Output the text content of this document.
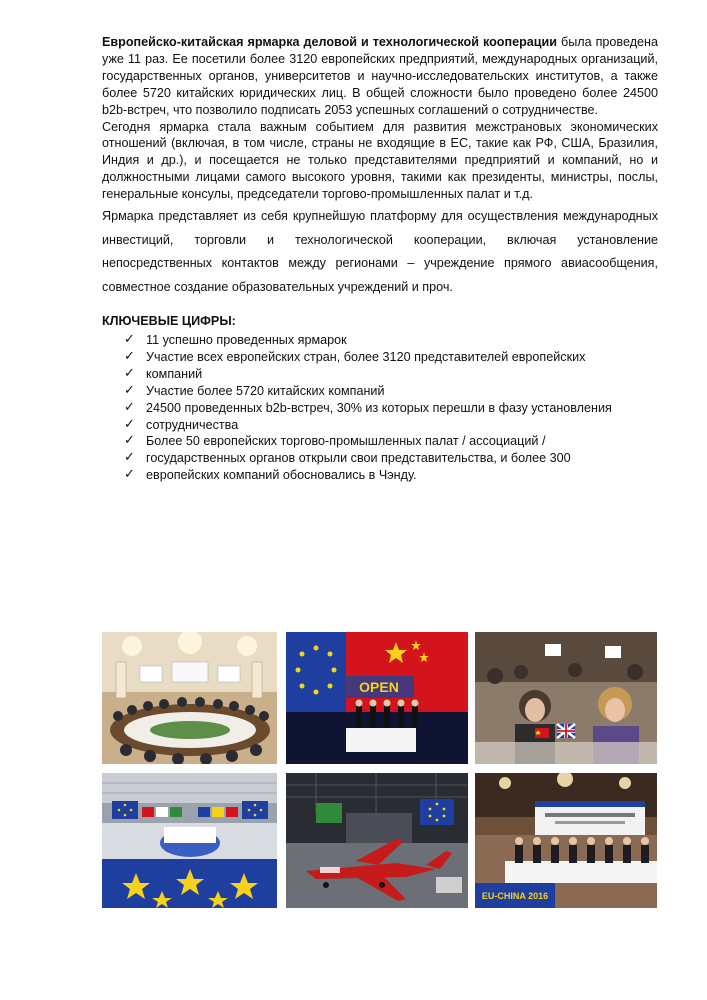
Европейско-китайская ярмарка деловой и технологической кооперации была проведена уже 11 раз. Ее посетили более 3120 европейских предприятий, международных организаций, государственных органов, университетов и научно-исследовательских институтов, а также более 5720 китайских юридических лиц. В общей сложности было проведено более 24500 b2b-встреч, что позволило подписать 2053 успешных соглашений о сотрудничестве.

Сегодня ярмарка стала важным событием для развития межстрановых экономических отношений (включая, в том числе, страны не входящие в ЕС, такие как РФ, США, Бразилия, Индия и др.), и посещается не только представителями предприятий и компаний, но и должностными лицами самого высокого уровня, такими как президенты, министры, послы, генеральные консулы, председатели торгово-промышленных палат и т.д.

Ярмарка представляет из себя крупнейшую платформу для осуществления международных инвестиций, торговли и технологической кооперации, включая установление непосредственных контактов между регионами – учреждение прямого авиасообщения, совместное создание образовательных учреждений и проч.

КЛЮЧЕВЫЕ ЦИФРЫ:

✓ 11 успешно проведенных ярмарок
✓ Участие всех европейских стран, более 3120 представителей европейских
✓ компаний
✓ Участие более 5720 китайских компаний
✓ 24500 проведенных b2b-встреч, 30% из которых перешли в фазу установления
✓ сотрудничества
✓ Более 50 европейских торгово-промышленных палат / ассоциаций /
✓ государственных органов открыли свои представительства, и более 300
✓ европейских компаний обосновались в Чэнду.
OPEN
EU-CHINA 2016
